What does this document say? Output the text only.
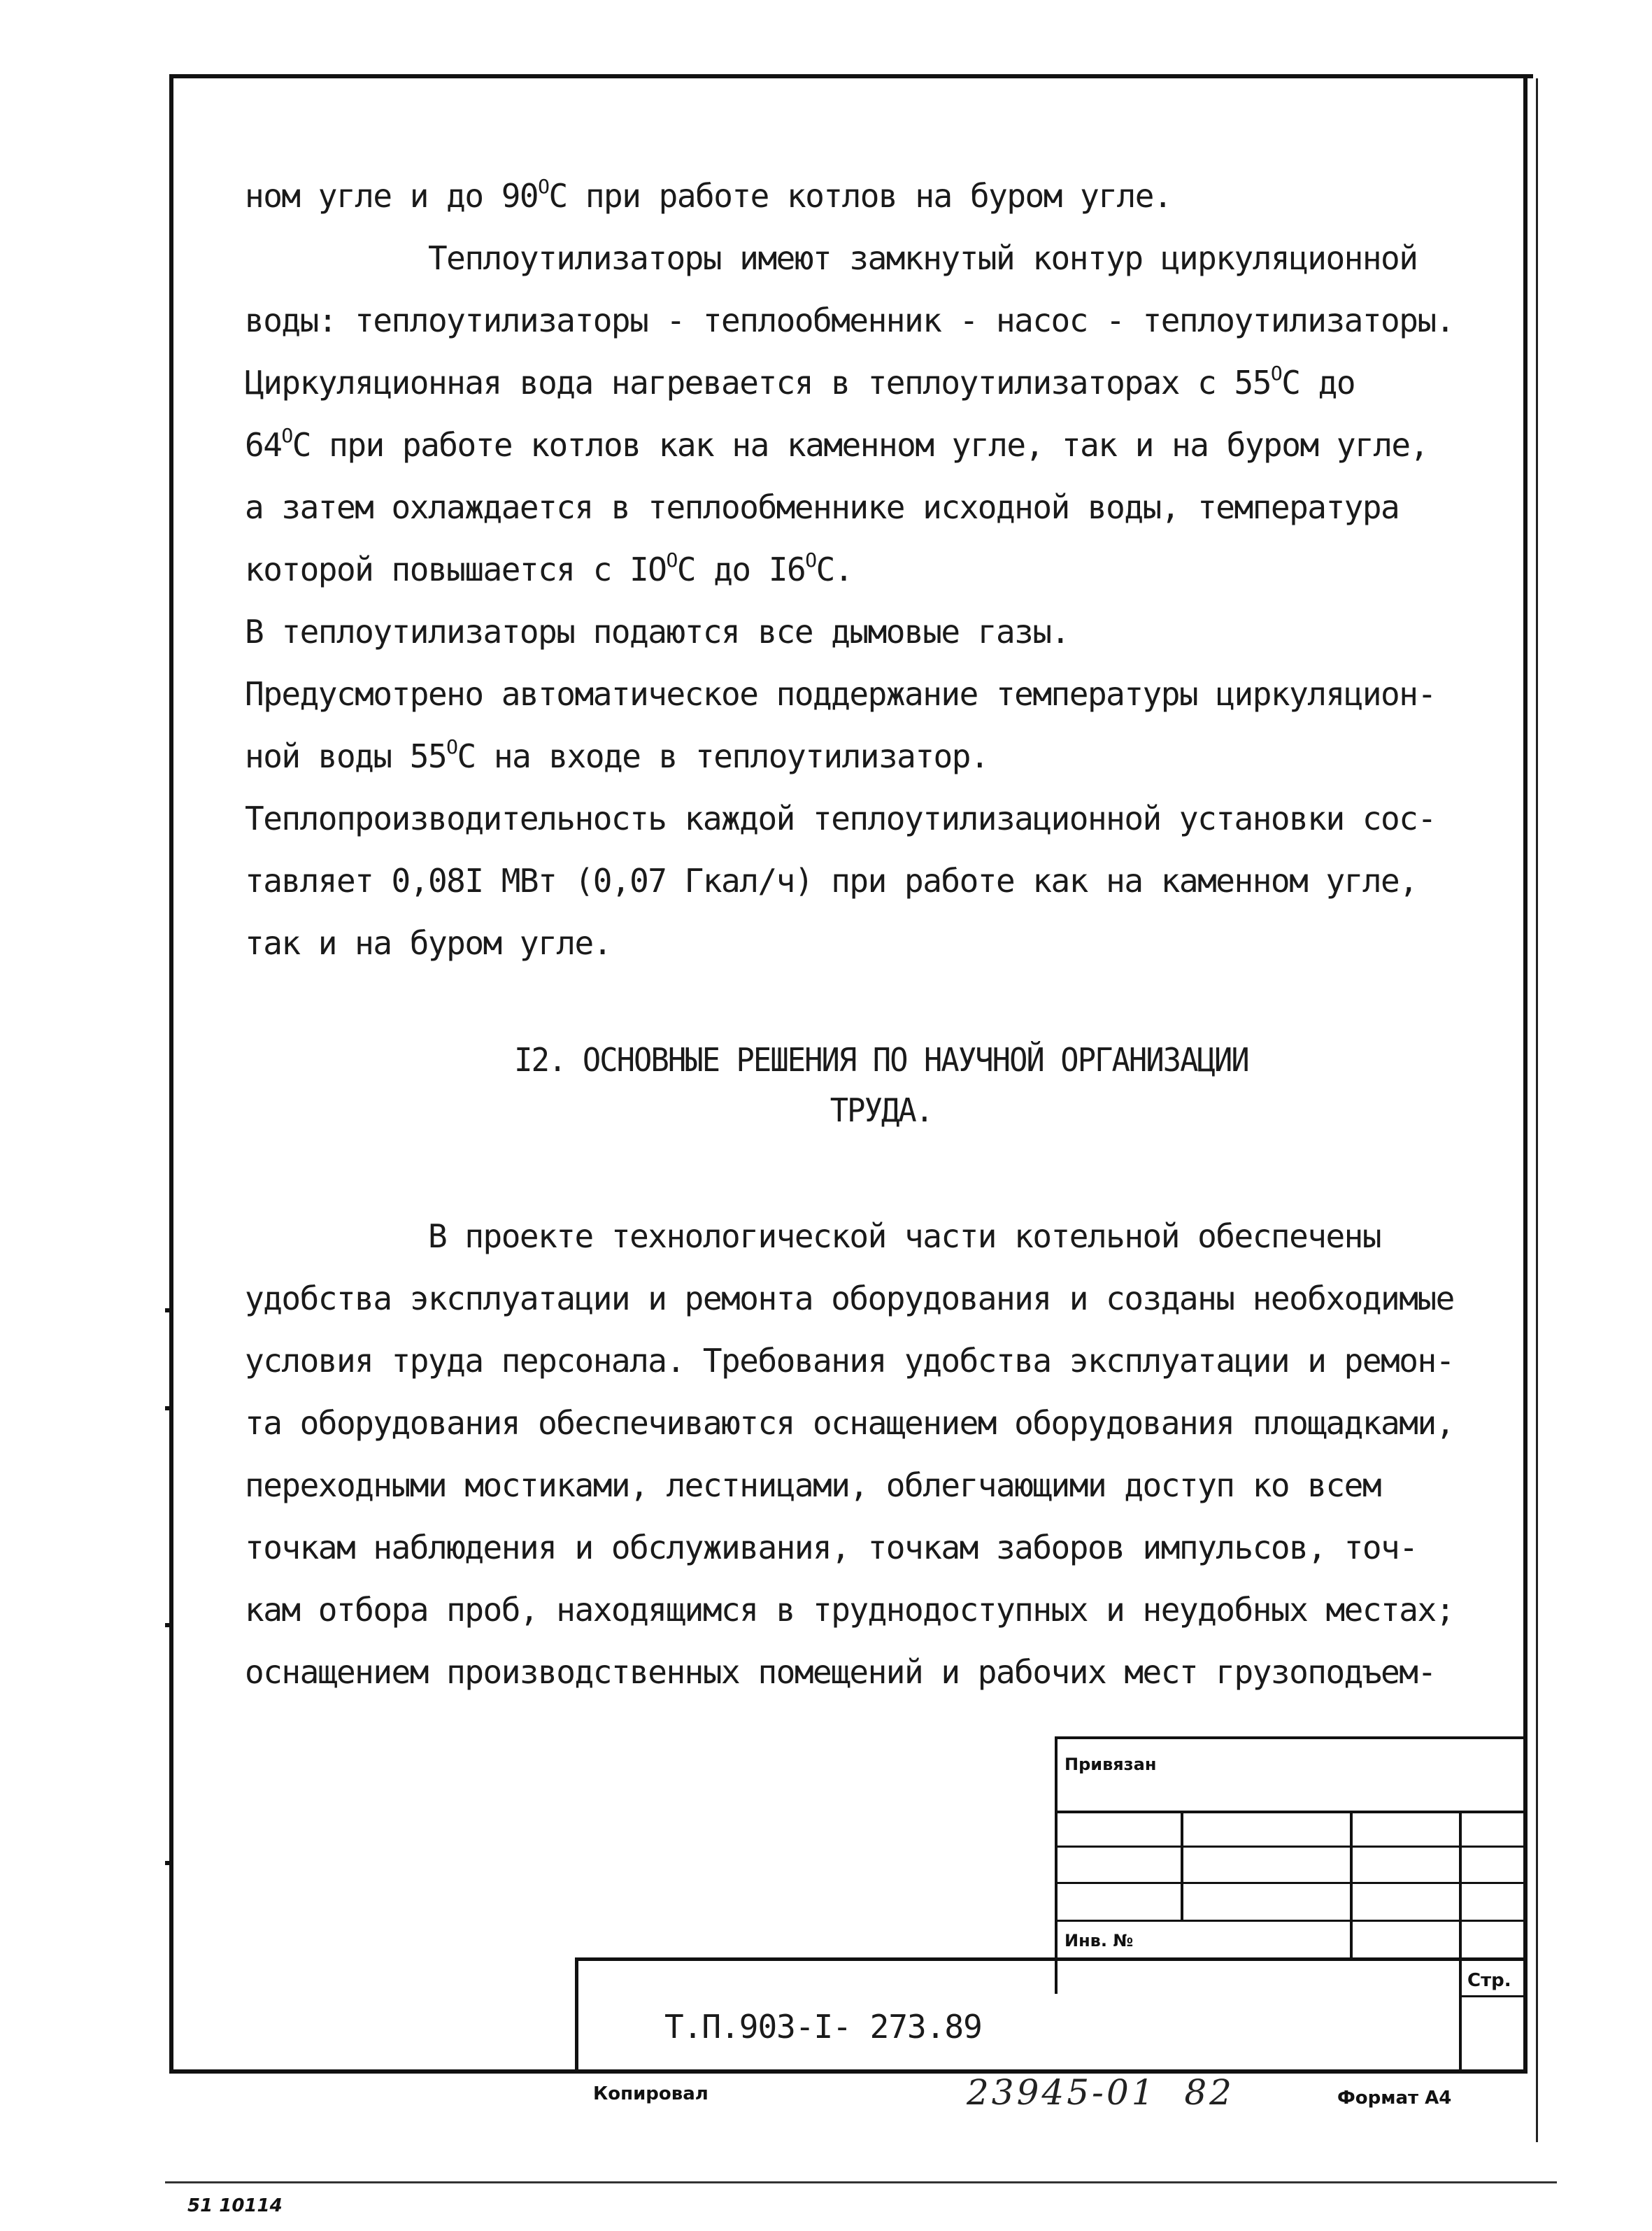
ном угле и до $90^OС$ при работе котлов на буром угле.
Теплоутилизаторы имеют замкнутый контур циркуляционной
воды: теплоутилизаторы - теплообменник - насос - теплоутилизаторы.
Циркуляционная вода нагревается в теплоутилизаторах с $55^OС$ до
$64^OС$ при работе котлов как на каменном угле, так и на буром угле,
а затем охлаждается в теплообменнике исходной воды, температура
которой повышается с $IO^OС$ до $I6^OС$.
В теплоутилизаторы подаются все дымовые газы.
Предусмотрено автоматическое поддержание температуры циркуляцион-
ной воды $55^OС$ на входе в теплоутилизатор.
Теплопроизводительность каждой теплоутилизационной установки сос-
тавляет 0,08I МВт (0,07 Гкал/ч) при работе как на каменном угле,
так и на буром угле.
I2. ОСНОВНЫЕ РЕШЕНИЯ ПО НАУЧНОЙ ОРГАНИЗАЦИИ
ТРУДА.
В проекте технологической части котельной обеспечены
удобства эксплуатации и ремонта оборудования и созданы необходимые
условия труда персонала. Требования удобства эксплуатации и ремон-
та оборудования обеспечиваются оснащением оборудования площадками,
переходными мостиками, лестницами, облегчающими доступ ко всем
точкам наблюдения и обслуживания, точкам заборов импульсов, точ-
кам отбора проб, находящимся в труднодоступных и неудобных местах;
оснащением производственных помещений и рабочих мест грузоподъем-
Привязан
Инв. №
Стр.
Т.П.903-I- 273.89
Копировал	23945-01  82	Формат А4
51 10114
